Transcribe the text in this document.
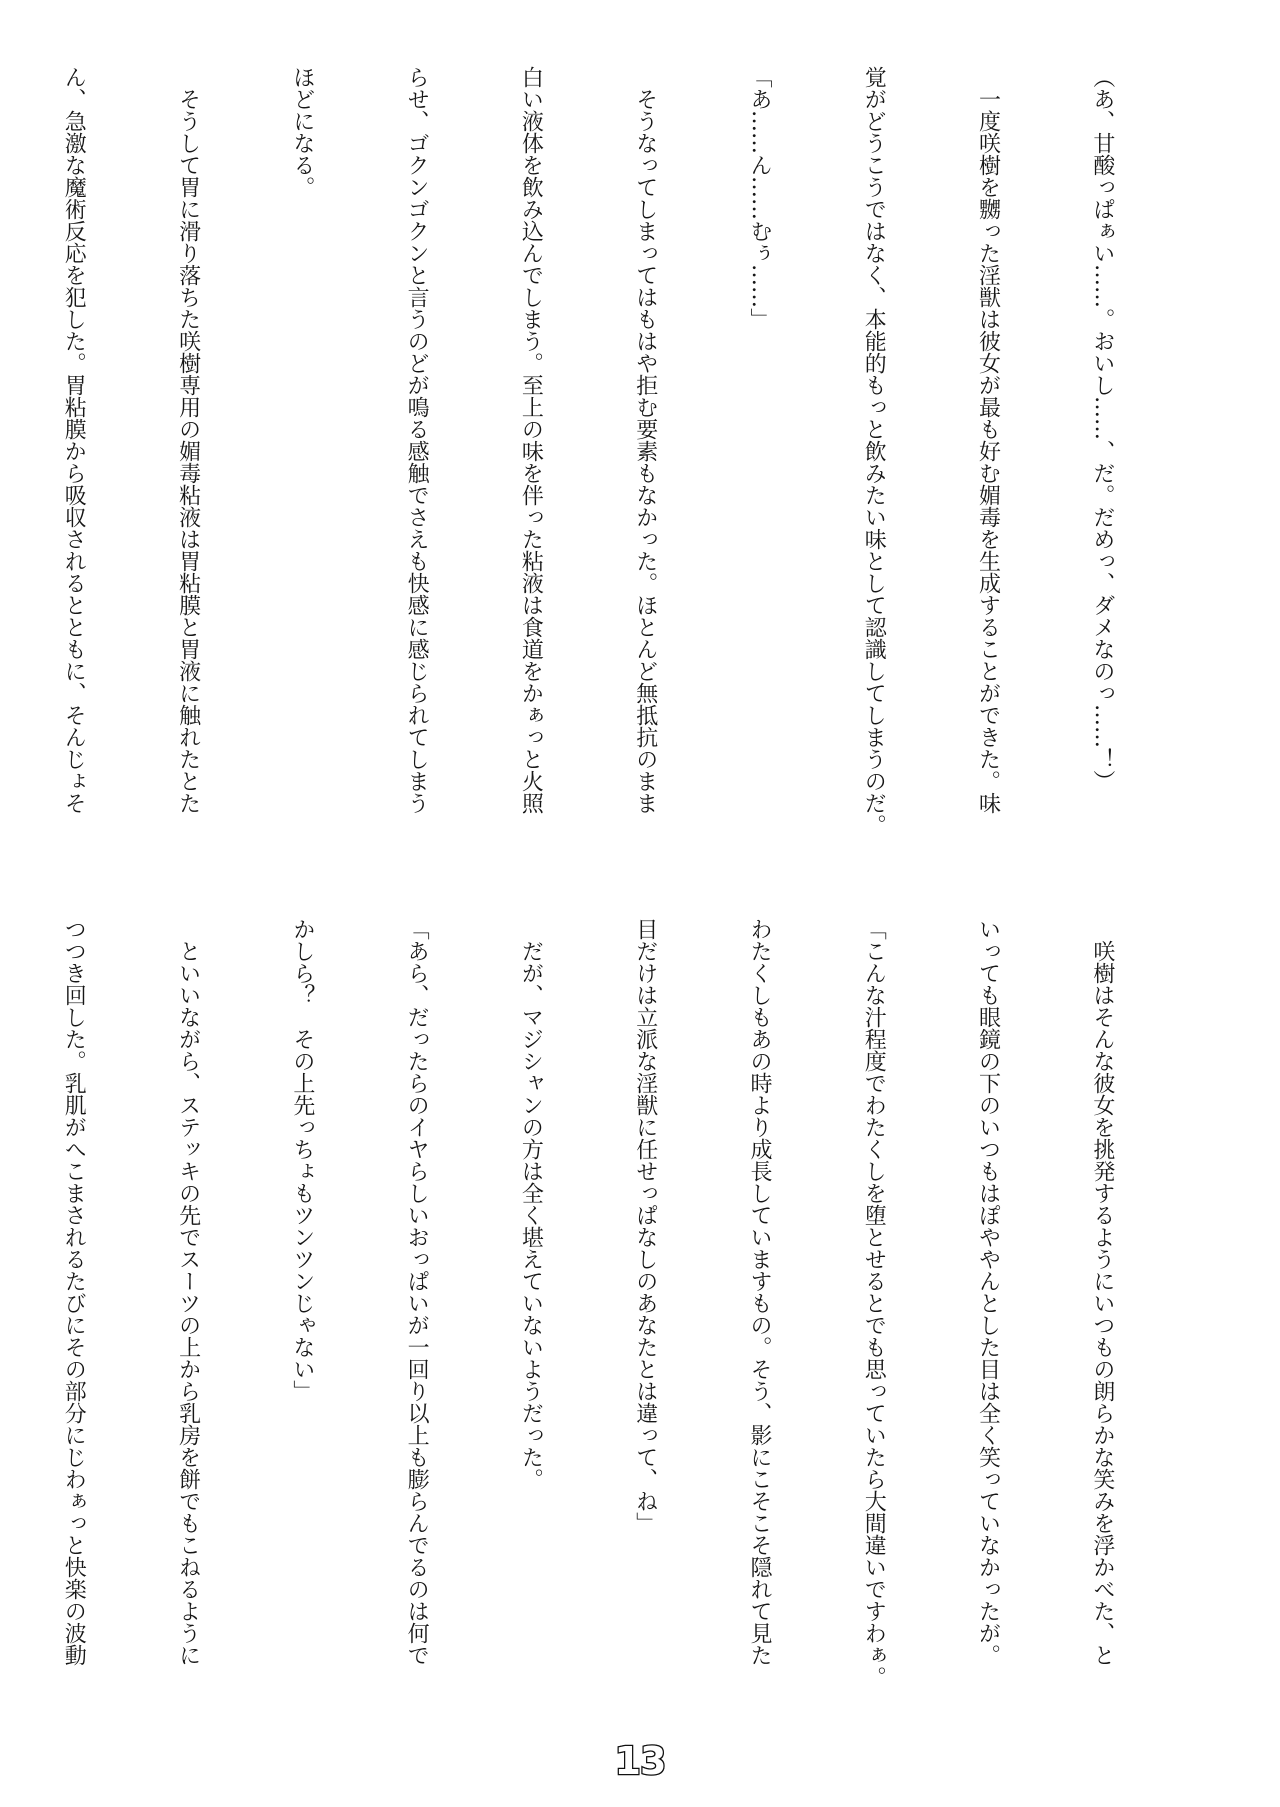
（あ、甘酸っぱぁい……。おいし……、だ。だめっ、ダメなのっ……！）

　一度咲樹を嬲った淫獣は彼女が最も好む媚毒を生成することができた。味

覚がどうこうではなく、本能的もっと飲みたい味として認識してしまうのだ。

「あ……ん……むぅ……」

　そうなってしまってはもはや拒む要素もなかった。ほとんど無抵抗のまま

白い液体を飲み込んでしまう。至上の味を伴った粘液は食道をかぁっと火照

らせ、ゴクンゴクンと言うのどが鳴る感触でさえも快感に感じられてしまう

ほどになる。

　そうして胃に滑り落ちた咲樹専用の媚毒粘液は胃粘膜と胃液に触れたとた

ん、急激な魔術反応を犯した。胃粘膜から吸収されるとともに、そんじょそ

　咲樹はそんな彼女を挑発するようにいつもの朗らかな笑みを浮かべた、と

いっても眼鏡の下のいつもはぽややんとした目は全く笑っていなかったが。

「こんな汁程度でわたくしを堕とせるとでも思っていたら大間違いですわぁ。

わたくしもあの時より成長していますもの。そう、影にこそこそ隠れて見た

目だけは立派な淫獣に任せっぱなしのあなたとは違って、ね」

　だが、マジシャンの方は全く堪えていないようだった。

「あら、だったらのイヤらしいおっぱいが一回り以上も膨らんでるのは何で

かしら？　その上先っちょもツンツンじゃない」

　といいながら、ステッキの先でスーツの上から乳房を餅でもこねるように

つつき回した。乳肌がへこまされるたびにその部分にじわぁっと快楽の波動

13
